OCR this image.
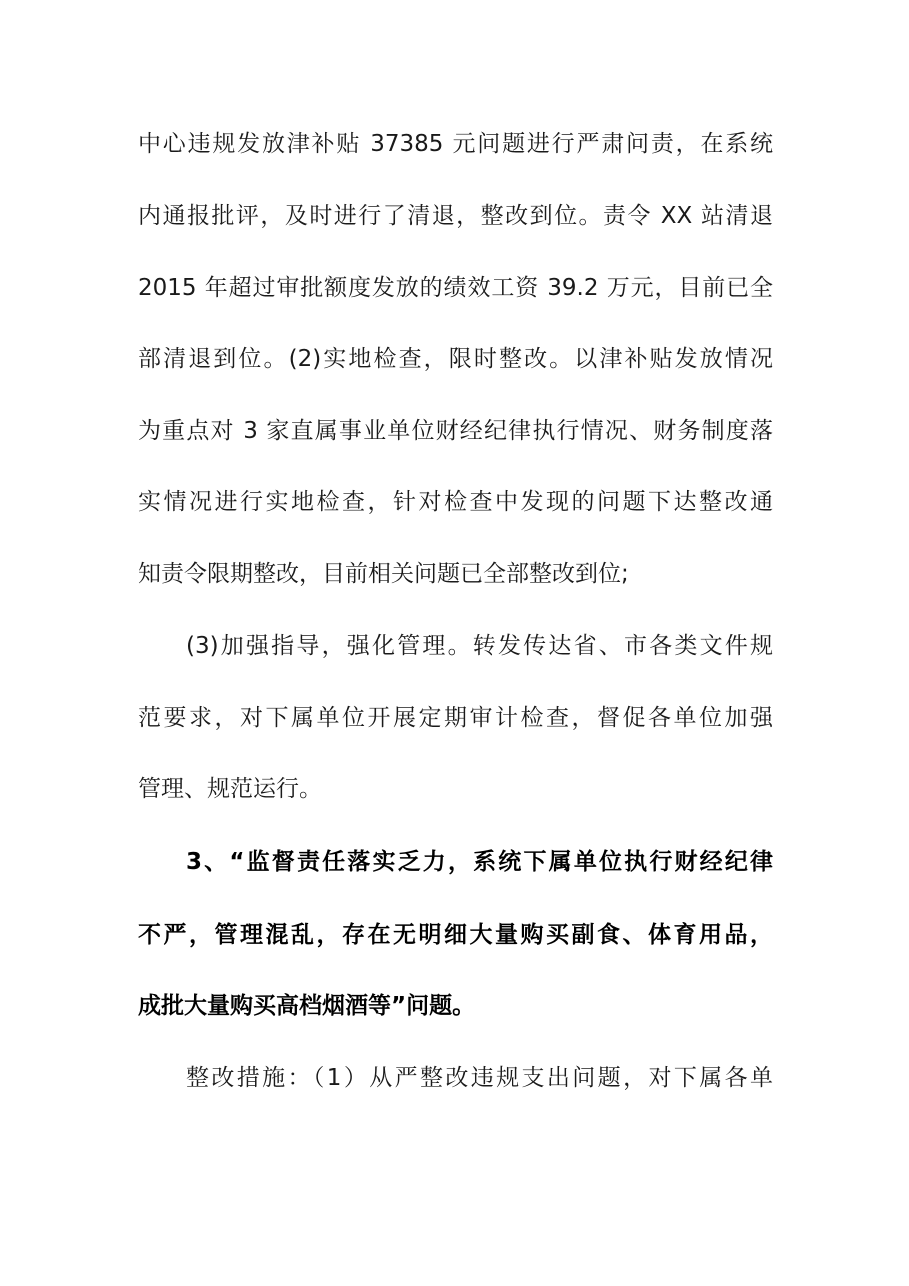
中心违规发放津补贴 37385 元问题进行严肃问责，在系统
内通报批评，及时进行了清退，整改到位。责令 XX 站清退
2015 年超过审批额度发放的绩效工资 39.2 万元，目前已全
部清退到位。(2)实地检查，限时整改。以津补贴发放情况
为重点对 3 家直属事业单位财经纪律执行情况、财务制度落
实情况进行实地检查，针对检查中发现的问题下达整改通
知责令限期整改，目前相关问题已全部整改到位;
(3)加强指导，强化管理。转发传达省、市各类文件规
范要求，对下属单位开展定期审计检查，督促各单位加强
管理、规范运行。
3、“监督责任落实乏力，系统下属单位执行财经纪律
不严，管理混乱，存在无明细大量购买副食、体育用品，
成批大量购买高档烟酒等”问题。
整改措施：（1）从严整改违规支出问题，对下属各单
